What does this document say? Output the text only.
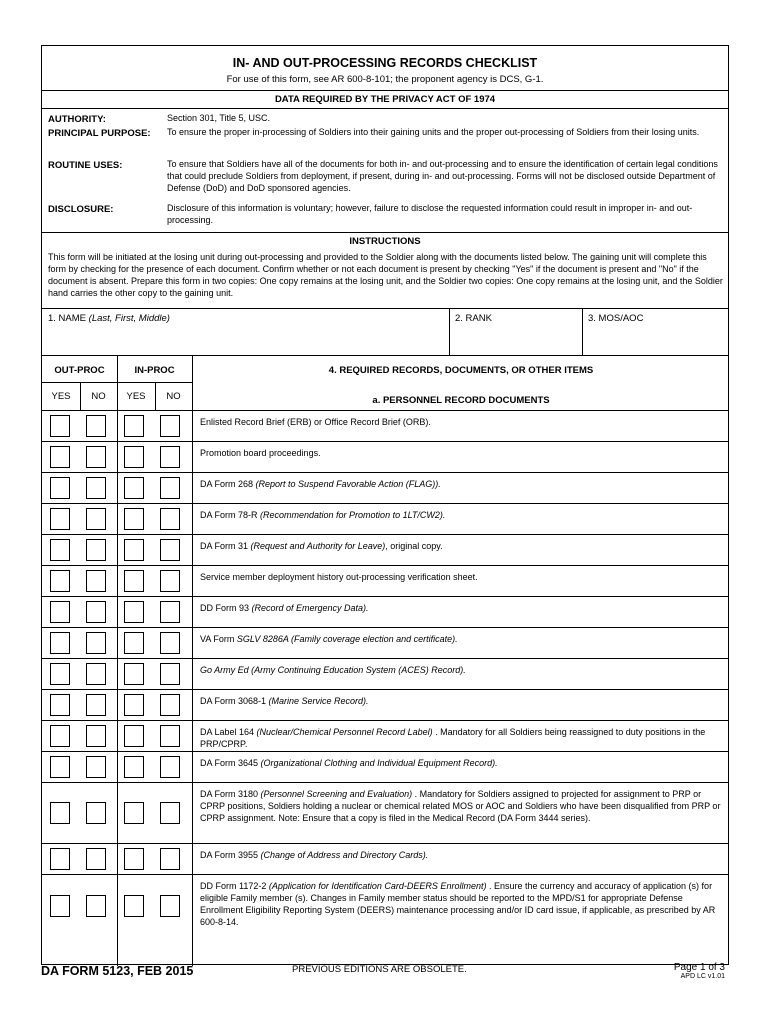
IN- AND OUT-PROCESSING RECORDS CHECKLIST
For use of this form, see AR 600-8-101; the proponent agency is DCS, G-1.
DATA REQUIRED BY THE PRIVACY ACT OF 1974
AUTHORITY:	Section 301, Title 5, USC.
PRINCIPAL PURPOSE: To ensure the proper in-processing of Soldiers into their gaining units and the proper out-processing of Soldiers from their losing units.
ROUTINE USES:	To ensure that Soldiers have all of the documents for both in- and out-processing and to ensure the identification of certain legal conditions that could preclude Soldiers from deployment, if present, during in- and out-processing. Forms will not be disclosed outside Department of Defense (DoD) and DoD sponsored agencies.
DISCLOSURE:	Disclosure of this information is voluntary; however, failure to disclose the requested information could result in improper in- and out-processing.
INSTRUCTIONS
This form will be initiated at the losing unit during out-processing and provided to the Soldier along with the documents listed below. The gaining unit will complete this form by checking for the presence of each document. Confirm whether or not each document is present by checking "Yes" if the document is present and "No" if the document is absent. Prepare this form in two copies: One copy remains at the losing unit, and the Soldier two copies: One copy remains at the losing unit, and the Soldier hand carries the other copy to the gaining unit.
1. NAME (Last, First, Middle)	2. RANK	3. MOS/AOC
OUT-PROC	IN-PROC	4. REQUIRED RECORDS, DOCUMENTS, OR OTHER ITEMS
YES	NO	YES	NO	a. PERSONNEL RECORD DOCUMENTS
Enlisted Record Brief (ERB) or Office Record Brief (ORB).
Promotion board proceedings.
DA Form 268 (Report to Suspend Favorable Action (FLAG)).
DA Form 78-R (Recommendation for Promotion to 1LT/CW2).
DA Form 31 (Request and Authority for Leave), original copy.
Service member deployment history out-processing verification sheet.
DD Form 93 (Record of Emergency Data).
VA Form SGLV 8286A (Family coverage election and certificate).
Go Army Ed (Army Continuing Education System (ACES) Record).
DA Form 3068-1 (Marine Service Record).
DA Label 164 (Nuclear/Chemical Personnel Record Label) . Mandatory for all Soldiers being reassigned to duty positions in the PRP/CPRP.
DA Form 3645 (Organizational Clothing and Individual Equipment Record).
DA Form 3180 (Personnel Screening and Evaluation) . Mandatory for Soldiers assigned to projected for assignment to PRP or CPRP positions, Soldiers holding a nuclear or chemical related MOS or AOC and Soldiers who have been disqualified from PRP or CPRP assignment. Note: Ensure that a copy is filed in the Medical Record (DA Form 3444 series).
DA Form 3955 (Change of Address and Directory Cards).
DD Form 1172-2 (Application for Identification Card-DEERS Enrollment) . Ensure the currency and accuracy of application (s) for eligible Family member (s). Changes in Family member status should be reported to the MPD/S1 for appropriate Defense Enrollment Eligibility Reporting System (DEERS) maintenance processing and/or ID card issue, if applicable, as prescribed by AR 600-8-14.
DA FORM 5123, FEB 2015	PREVIOUS EDITIONS ARE OBSOLETE.	Page 1 of 3
APD LC v1.01
